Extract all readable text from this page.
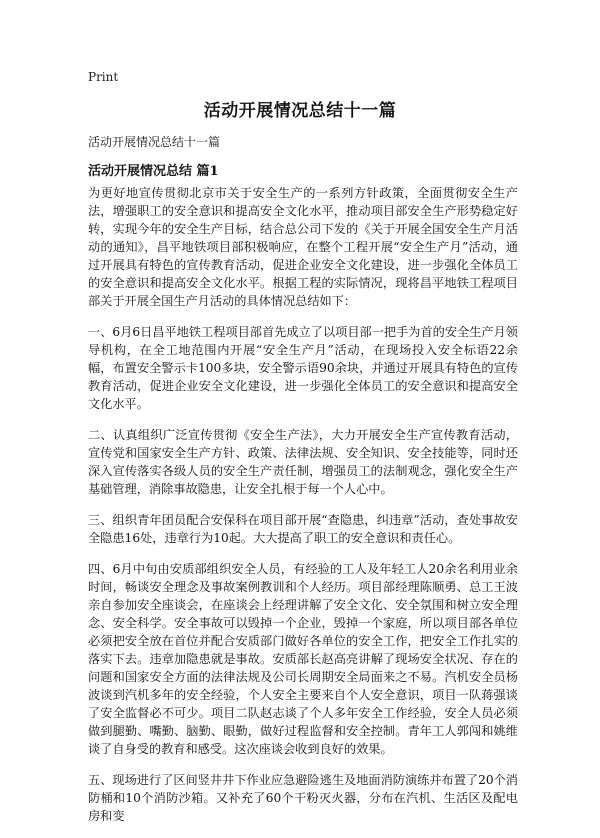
Print
活动开展情况总结十一篇
活动开展情况总结十一篇
活动开展情况总结 篇1

为更好地宣传贯彻北京市关于安全生产的一系列方针政策，全面贯彻安全生产法，增强职工的安全意识和提高安全文化水平，推动项目部安全生产形势稳定好转，实现今年的安全生产目标，结合总公司下发的《关于开展全国安全生产月活动的通知》，昌平地铁项目部积极响应，在整个工程开展“安全生产月”活动，通过开展具有特色的宣传教育活动，促进企业安全文化建设，进一步强化全体员工的安全意识和提高安全文化水平。根据工程的实际情况，现将昌平地铁工程项目部关于开展全国生产月活动的具体情况总结如下：

一、6月6日昌平地铁工程项目部首先成立了以项目部一把手为首的安全生产月领导机构，在全工地范围内开展“安全生产月”活动，在现场投入安全标语22余幅，布置安全警示卡100多块，安全警示语90余块，并通过开展具有特色的宣传教育活动，促进企业安全文化建设，进一步强化全体员工的安全意识和提高安全文化水平。

二、认真组织广泛宣传贯彻《安全生产法》，大力开展安全生产宣传教育活动，宣传党和国家安全生产方针、政策、法律法规、安全知识、安全技能等，同时还深入宣传落实各级人员的安全生产责任制，增强员工的法制观念，强化安全生产基础管理，消除事故隐患，让安全扎根于每一个人心中。

三、组织青年团员配合安保科在项目部开展“查隐患，纠违章”活动，查处事故安全隐患16处，违章行为10起。大大提高了职工的安全意识和责任心。

四、6月中旬由安质部组织安全人员，有经验的工人及年轻工人20余名利用业余时间，畅谈安全理念及事故案例教训和个人经历。项目部经理陈顺勇、总工王波亲自参加安全座谈会，在座谈会上经理讲解了安全文化、安全氛围和树立安全理念、安全科学。安全事故可以毁掉一个企业，毁掉一个家庭，所以项目部各单位必须把安全放在首位并配合安质部门做好各单位的安全工作，把安全工作扎实的落实下去。违章加隐患就是事故。安质部长赵高亮讲解了现场安全状况、存在的问题和国家安全方面的法律法规及公司长周期安全局面来之不易。汽机安全员杨波谈到汽机多年的安全经验，个人安全主要来自个人安全意识，项目一队蒋强谈了安全监督必不可少。项目二队赵志谈了个人多年安全工作经验，安全人员必须做到腿勤、嘴勤、脑勤、眼勤，做好过程监督和安全控制。青年工人郭闯和姚维谈了自身受的教育和感受。这次座谈会收到良好的效果。

五、现场进行了区间竖井井下作业应急避险逃生及地面消防演练并布置了20个消防桶和10个消防沙箱。又补充了60个干粉灭火器，分布在汽机、生活区及配电房和变
